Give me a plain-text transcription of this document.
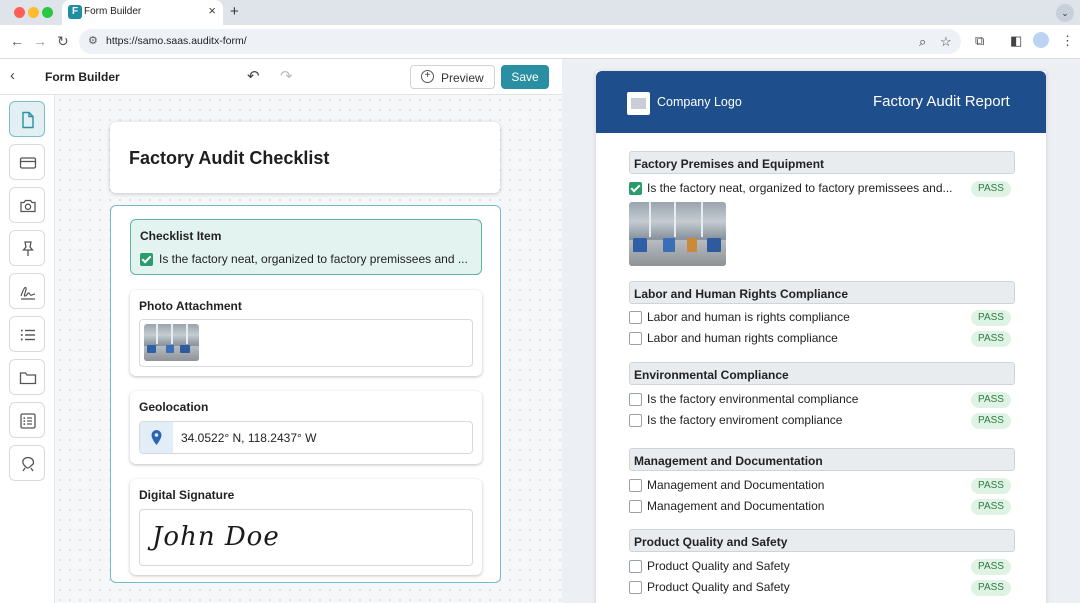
F Form Builder	× +	⌄
← → ↻ ⚙ https://samo.saas.auditx-form/	⌕ ☆ ⧉ ◧	⋮
‹	Form Builder	↶ ↷	+ Preview	Save
Factory Audit Checklist
Checklist Item
Is the factory neat, organized to factory premissees and ...
Photo Attachment
Geolocation
34.0522° N, 118.2437° W
Digital Signature
John Doe
Company Logo	Factory Audit Report
Factory Premises and Equipment
Is the factory neat, organized to factory premissees and...	PASS
Labor and Human Rights Compliance
Labor and human is rights compliance	PASS
Labor and human rights compliance	PASS
Environmental Compliance
Is the factory environmental compliance	PASS
Is the factory enviroment compliance	PASS
Management and Documentation
Management and Documentation	PASS
Management and Documentation	PASS
Product Quality and Safety
Product Quality and Safety	PASS
Product Quality and Safety	PASS
